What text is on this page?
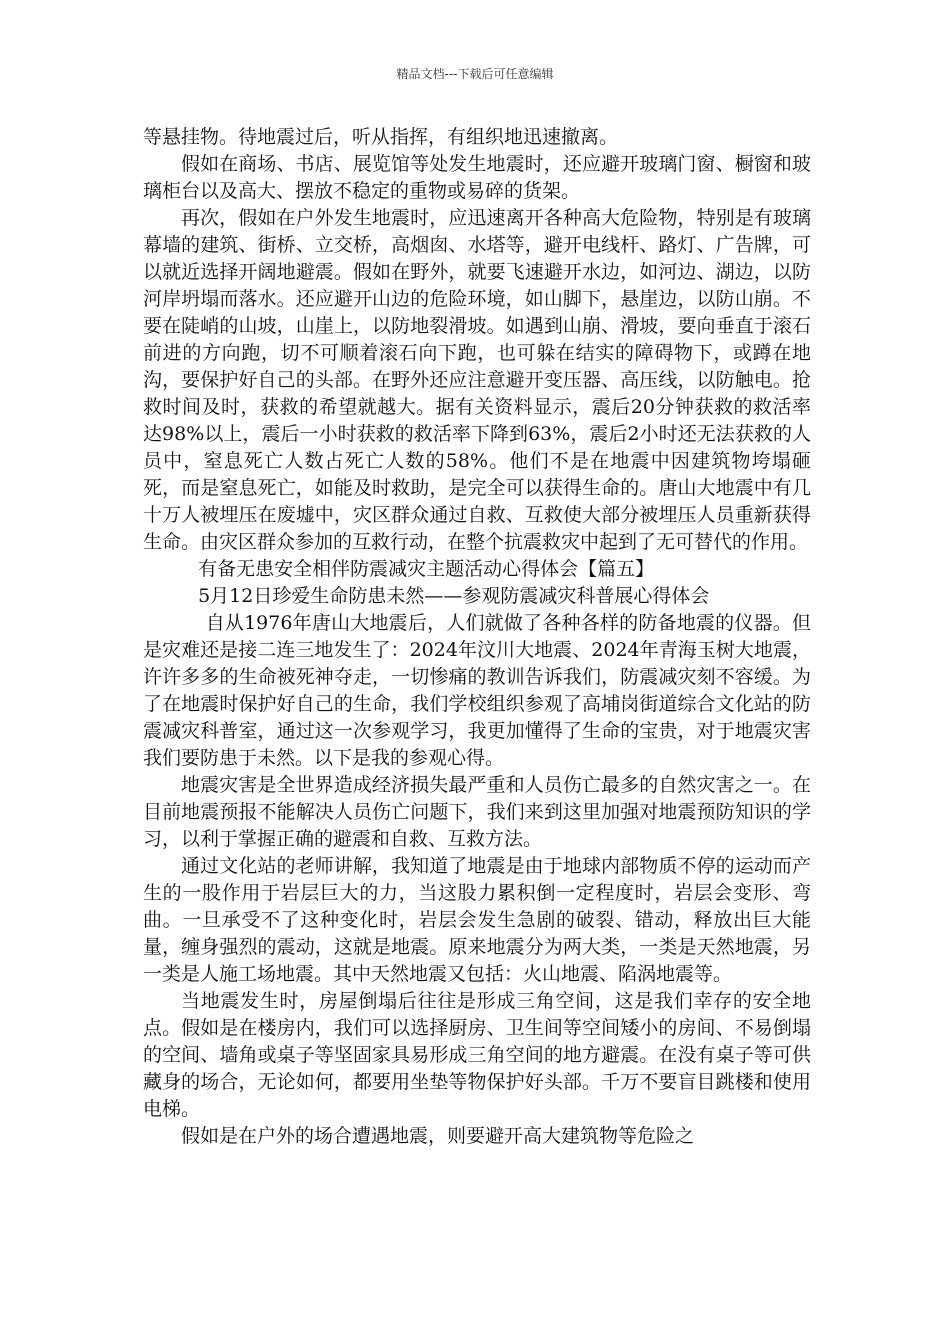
精品文档---下载后可任意编辑

等悬挂物。待地震过后，听从指挥，有组织地迅速撤离。

假如在商场、书店、展览馆等处发生地震时，还应避开玻璃门窗、橱窗和玻璃柜台以及高大、摆放不稳定的重物或易碎的货架。

再次，假如在户外发生地震时，应迅速离开各种高大危险物，特别是有玻璃幕墙的建筑、街桥、立交桥，高烟囱、水塔等，避开电线杆、路灯、广告牌，可以就近选择开阔地避震。假如在野外，就要飞速避开水边，如河边、湖边，以防河岸坍塌而落水。还应避开山边的危险环境，如山脚下，悬崖边，以防山崩。不要在陡峭的山坡，山崖上，以防地裂滑坡。如遇到山崩、滑坡，要向垂直于滚石前进的方向跑，切不可顺着滚石向下跑，也可躲在结实的障碍物下，或蹲在地沟，要保护好自己的头部。在野外还应注意避开变压器、高压线，以防触电。抢救时间及时，获救的希望就越大。据有关资料显示，震后20分钟获救的救活率达98%以上，震后一小时获救的救活率下降到63%，震后2小时还无法获救的人员中，窒息死亡人数占死亡人数的58%。他们不是在地震中因建筑物垮塌砸死，而是窒息死亡，如能及时救助，是完全可以获得生命的。唐山大地震中有几十万人被埋压在废墟中，灾区群众通过自救、互救使大部分被埋压人员重新获得生命。由灾区群众参加的互救行动，在整个抗震救灾中起到了无可替代的作用。

有备无患安全相伴防震减灾主题活动心得体会【篇五】

5月12日珍爱生命防患未然——参观防震减灾科普展心得体会

自从1976年唐山大地震后，人们就做了各种各样的防备地震的仪器。但是灾难还是接二连三地发生了：2024年汶川大地震、2024年青海玉树大地震，许许多多的生命被死神夺走，一切惨痛的教训告诉我们，防震减灾刻不容缓。为了在地震时保护好自己的生命，我们学校组织参观了高埔岗街道综合文化站的防震减灾科普室，通过这一次参观学习，我更加懂得了生命的宝贵，对于地震灾害我们要防患于未然。以下是我的参观心得。

地震灾害是全世界造成经济损失最严重和人员伤亡最多的自然灾害之一。在目前地震预报不能解决人员伤亡问题下，我们来到这里加强对地震预防知识的学习，以利于掌握正确的避震和自救、互救方法。

通过文化站的老师讲解，我知道了地震是由于地球内部物质不停的运动而产生的一股作用于岩层巨大的力，当这股力累积倒一定程度时，岩层会变形、弯曲。一旦承受不了这种变化时，岩层会发生急剧的破裂、错动，释放出巨大能量，缠身强烈的震动，这就是地震。原来地震分为两大类，一类是天然地震，另一类是人施工场地震。其中天然地震又包括：火山地震、陷涡地震等。

当地震发生时，房屋倒塌后往往是形成三角空间，这是我们幸存的安全地点。假如是在楼房内，我们可以选择厨房、卫生间等空间矮小的房间、不易倒塌的空间、墙角或桌子等坚固家具易形成三角空间的地方避震。在没有桌子等可供藏身的场合，无论如何，都要用坐垫等物保护好头部。千万不要盲目跳楼和使用电梯。

假如是在户外的场合遭遇地震，则要避开高大建筑物等危险之
